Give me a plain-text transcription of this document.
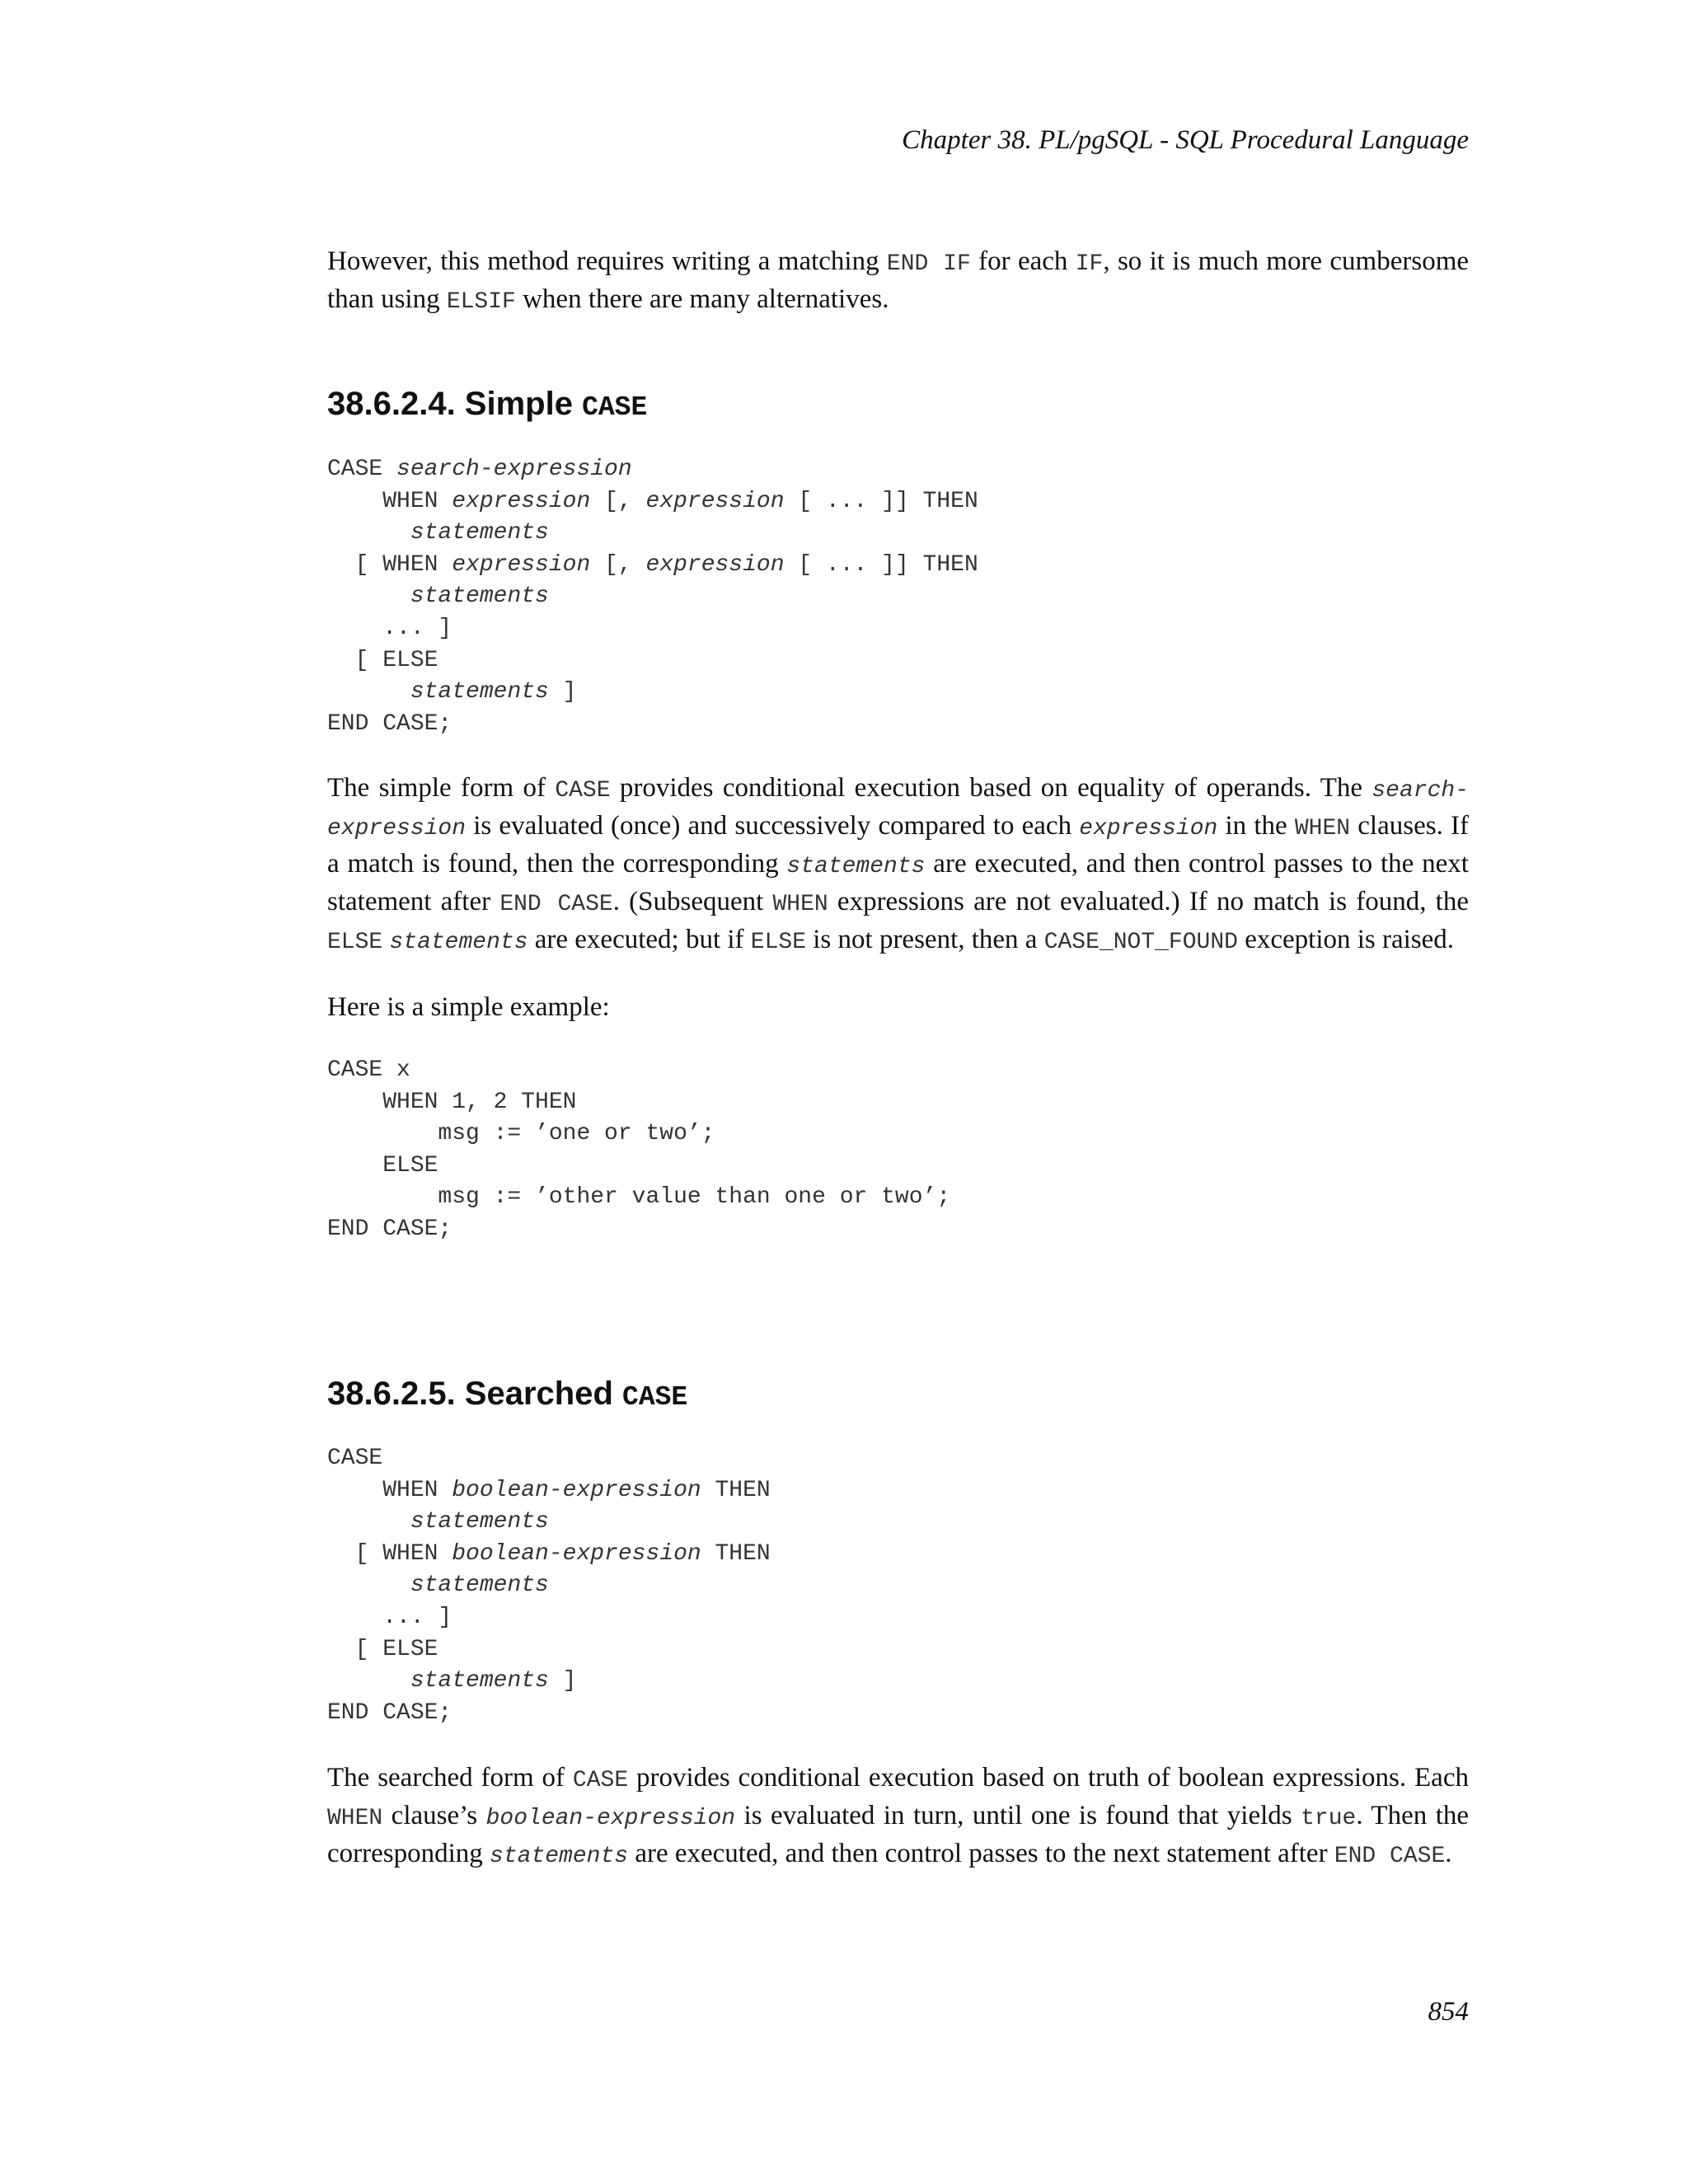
Chapter 38. PL/pgSQL - SQL Procedural Language

However, this method requires writing a matching END IF for each IF, so it is much more cumbersome than using ELSIF when there are many alternatives.

38.6.2.4. Simple CASE
CASE search-expression
WHEN expression [, expression [ ... ]] THEN
statements
[ WHEN expression [, expression [ ... ]] THEN
statements
... ]
[ ELSE
statements ]
END CASE;

The simple form of CASE provides conditional execution based on equality of operands. The search-expression is evaluated (once) and successively compared to each expression in the WHEN clauses. If a match is found, then the corresponding statements are executed, and then control passes to the next statement after END CASE. (Subsequent WHEN expressions are not evaluated.) If no match is found, the ELSE statements are executed; but if ELSE is not present, then a CASE_NOT_FOUND exception is raised.

Here is a simple example:

CASE x
WHEN 1, 2 THEN
msg := ’one or two’;
ELSE
msg := ’other value than one or two’;
END CASE;
38.6.2.5. Searched CASE
CASE
WHEN boolean-expression THEN
statements
[ WHEN boolean-expression THEN
statements
... ]
[ ELSE
statements ]
END CASE;

The searched form of CASE provides conditional execution based on truth of boolean expressions. Each WHEN clause’s boolean-expression is evaluated in turn, until one is found that yields true. Then the corresponding statements are executed, and then control passes to the next statement after END CASE.

854
